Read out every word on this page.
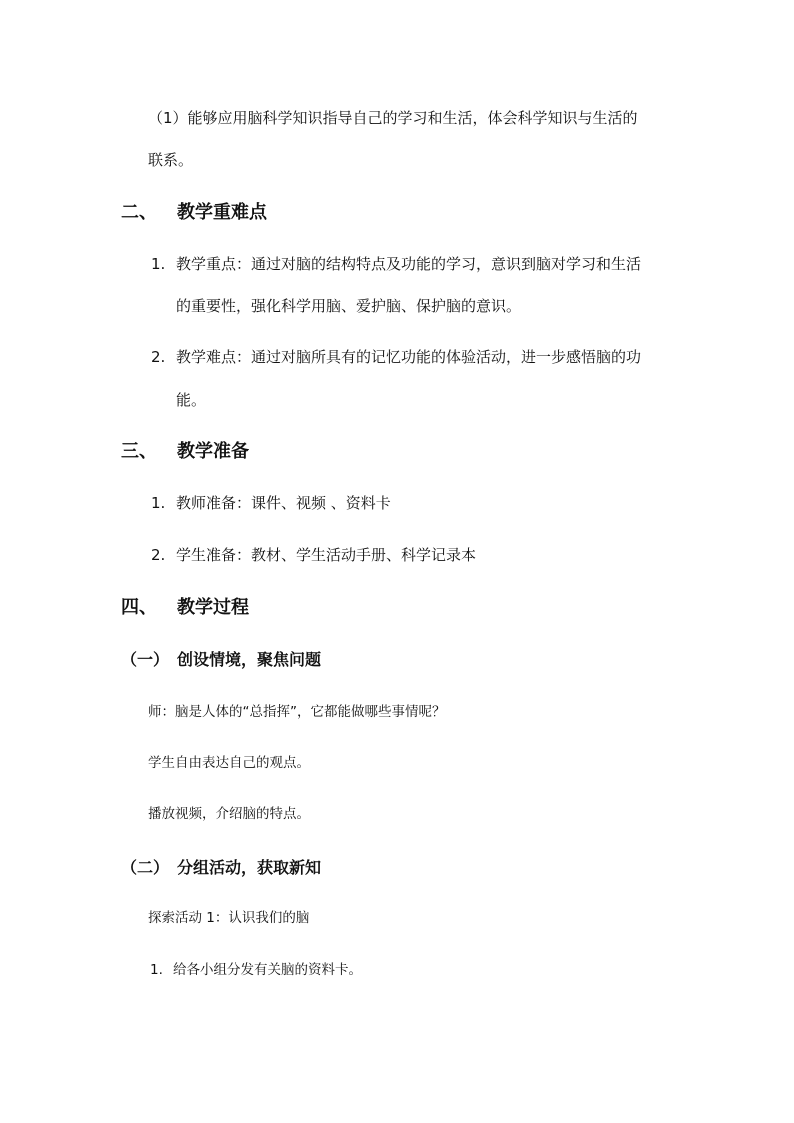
（1）能够应用脑科学知识指导自己的学习和生活，体会科学知识与生活的
联系。
二、 教学重难点
1. 教学重点：通过对脑的结构特点及功能的学习，意识到脑对学习和生活
的重要性，强化科学用脑、爱护脑、保护脑的意识。
2. 教学难点：通过对脑所具有的记忆功能的体验活动，进一步感悟脑的功
能。
三、 教学准备
1. 教师准备：课件、视频 、资料卡
2. 学生准备：教材、学生活动手册、科学记录本
四、 教学过程
（一） 创设情境，聚焦问题
师：脑是人体的“总指挥”，它都能做哪些事情呢？
学生自由表达自己的观点。
播放视频，介绍脑的特点。
（二） 分组活动，获取新知
探索活动 1：认识我们的脑
1. 给各小组分发有关脑的资料卡。
